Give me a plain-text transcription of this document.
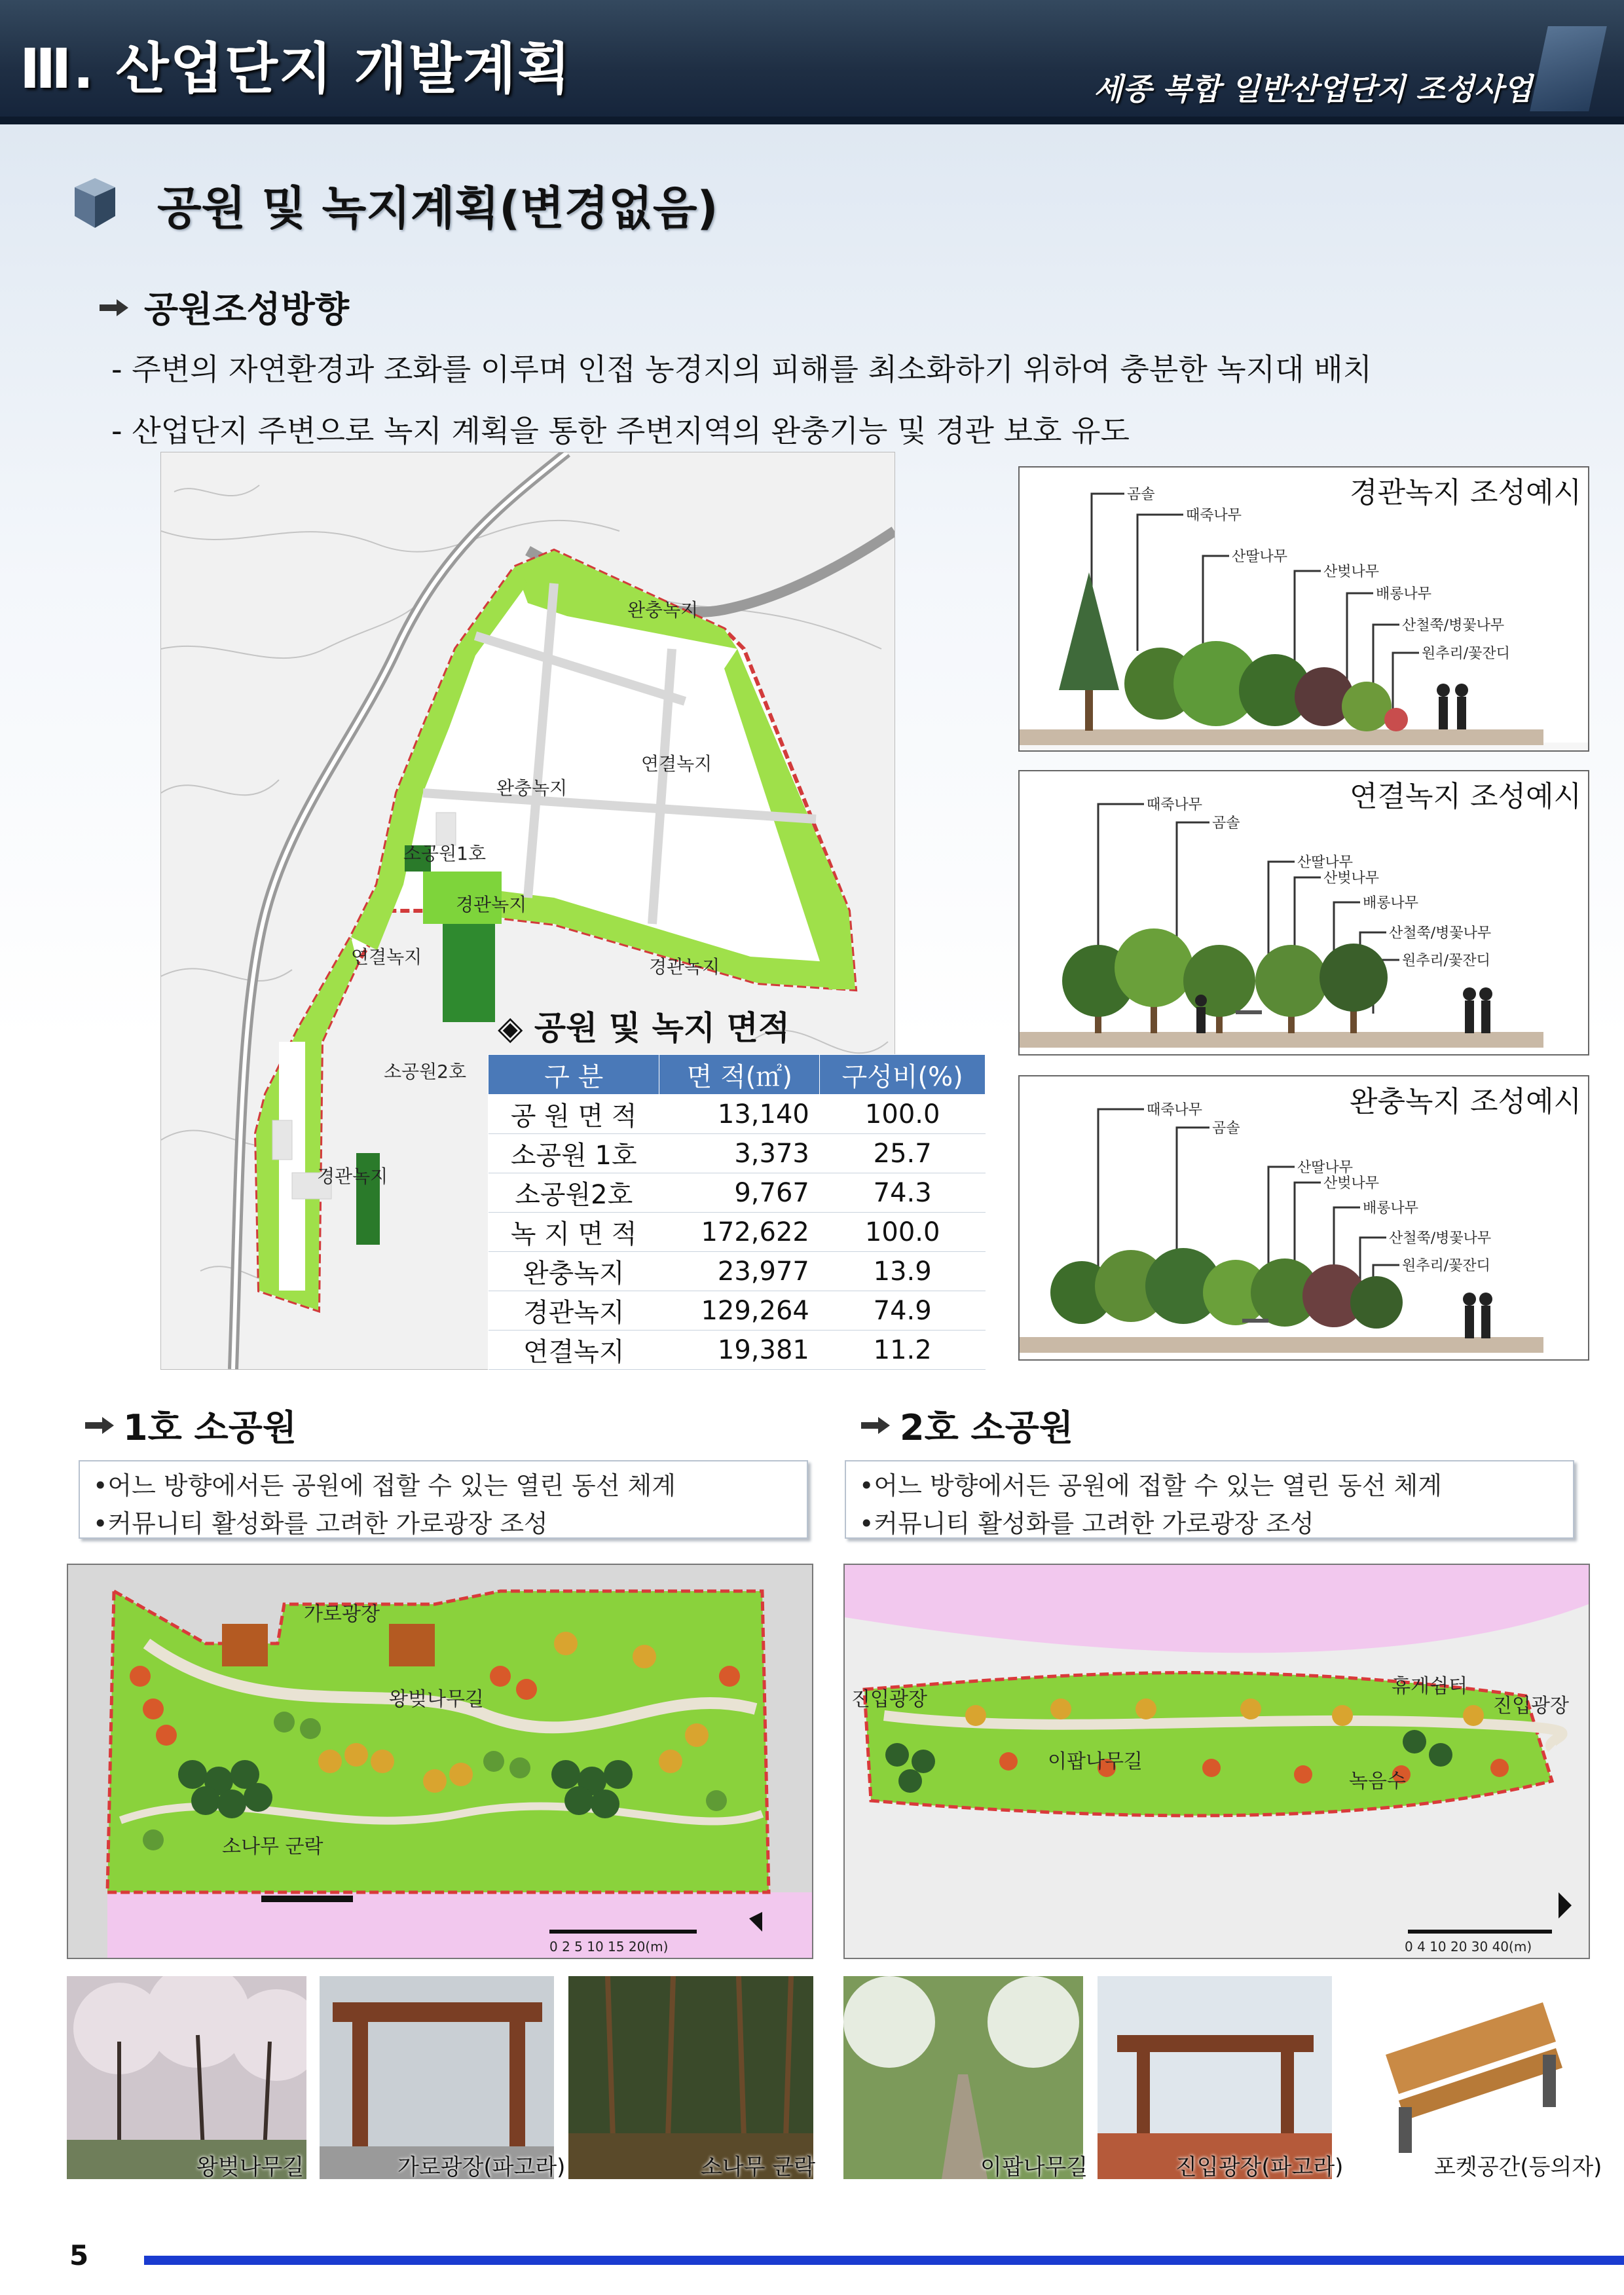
Ⅲ. 산업단지 개발계획	세종 복합 일반산업단지 조성사업
공원 및 녹지계획(변경없음)
공원조성방향
- 주변의 자연환경과 조화를 이루며 인접 농경지의 피해를 최소화하기 위하여 충분한 녹지대 배치
- 산업단지 주변으로 녹지 계획을 통한 주변지역의 완충기능 및 경관 보호 유도
완충녹지
연결녹지
완충녹지
소공원1호
경관녹지
연결녹지	경관녹지
소공원2호
경관녹지
◈ 공원 및 녹지 면적
구 분	면 적(㎡)	구성비(%)
공 원 면 적	13,140	100.0
소공원 1호	3,373	25.7
소공원2호	9,767	74.3
녹 지 면 적	172,622	100.0
완충녹지	23,977	13.9
경관녹지	129,264	74.9
연결녹지	19,381	11.2
곰솔
때죽나무
산딸나무
산벚나무
배롱나무
산철쭉/병꽃나무
원추리/꽃잔디
경관녹지 조성예시
때죽나무
곰솔
산딸나무
산벚나무
배롱나무
산철쭉/병꽃나무
원추리/꽃잔디
연결녹지 조성예시
때죽나무
곰솔
산딸나무
산벚나무
배롱나무
산철쭉/병꽃나무
원추리/꽃잔디
완충녹지 조성예시
1호 소공원	2호 소공원
•어느 방향에서든 공원에 접할 수 있는 열린 동선 체계
•커뮤니티 활성화를 고려한 가로광장 조성
•어느 방향에서든 공원에 접할 수 있는 열린 동선 체계
•커뮤니티 활성화를 고려한 가로광장 조성
가로광장
왕벚나무길
소나무 군락
0 2 5 10 15 20(m)
진입광장
휴게쉼터
진입광장
이팝나무길
녹음수
0 4 10 20 30 40(m)
왕벚나무길	가로광장(파고라)	소나무 군락	이팝나무길	진입광장(파고라)	포켓공간(등의자)
5
